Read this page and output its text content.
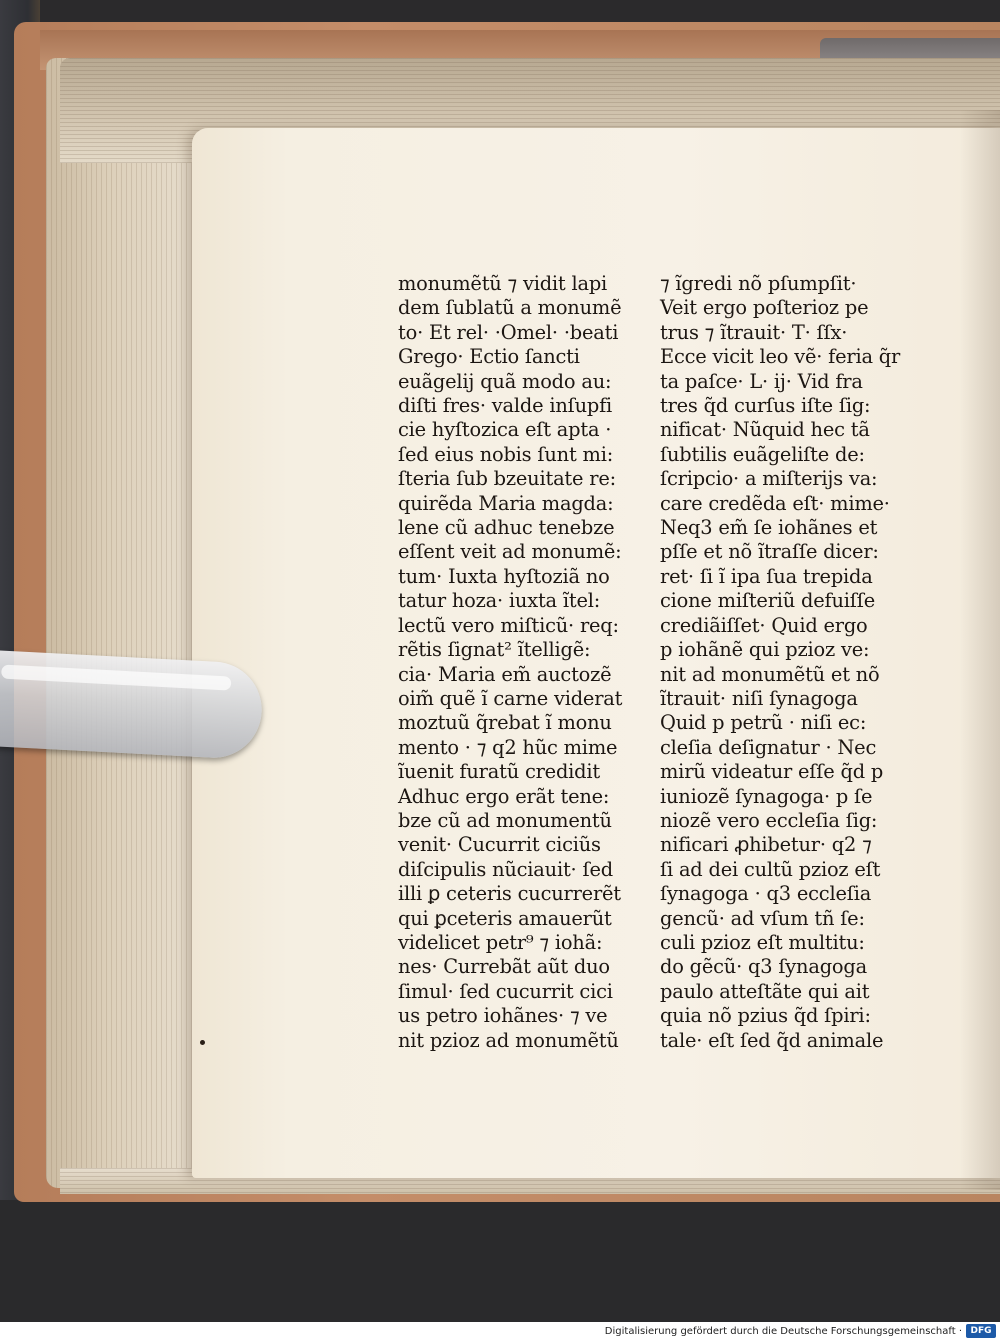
monumẽtũ ⁊ vidit lapi
dem ſublatũ a monumẽ
to· Et rel· ·Omel· ·beati
Grego· Ectio ſancti
euãgelij quã modo au:
diſti fres· valde inſupfi
cie hyſtozica eſt apta ·
ſed eius nobis ſunt mi:
ſteria ſub bzeuitate re:
quirẽda Maria magda:
lene cũ adhuc tenebze
eſſent veit ad monumẽ:
tum· Iuxta hyſtoziã no
tatur hoza· iuxta ĩtel:
lectũ vero miſticũ· req:
rẽtis ſignat² ĩtelligẽ:
cia· Maria em̃ auctozẽ
oim̃ quẽ ĩ carne viderat
moztuũ q̃rebat ĩ monu
mento · ⁊ q2 hũc mime
ĩuenit furatũ credidit
Adhuc ergo erãt tene:
bze cũ ad monumentũ
venit· Cucurrit ciciũs
diſcipulis nũciauit· ſed
illi ꝑ ceteris cucurrerẽt
qui ꝑceteris amauerũt
videlicet petr⁹ ⁊ iohã:
nes· Currebãt aũt duo
ſimul· ſed cucurrit cici
us petro iohãnes· ⁊ ve
nit pzioz ad monumẽtũ
⁊ ĩgredi nõ pſumpſit·
Veit ergo poſterioz pe
trus ⁊ ĩtrauit· T· ſſx·
Ecce vicit leo vẽ· feria q̃r
ta paſce· L· ij· Vid fra
tres q̃d curſus iſte ſig:
nificat· Nũquid hec tã
ſubtilis euãgeliſte de:
ſcripcio· a miſterijs va:
care credẽda eſt· mime·
Neq3 em̃ ſe iohãnes et
pſſe et nõ ĩtraſſe dicer:
ret· ſi ĩ ipa ſua trepida
cione miſteriũ defuiſſe
crediãiſſet· Quid ergo
p iohãnẽ qui pzioz ve:
nit ad monumẽtũ et nõ
ĩtrauit· niſi ſynagoga
Quid p petrũ · niſi ec:
cleſia deſignatur · Nec
mirũ videatur eſſe q̃d p
iuniozẽ ſynagoga· p ſe
niozẽ vero eccleſia ſig:
nificari ꝓhibetur· q2 ⁊
ſi ad dei cultũ pzioz eſt
ſynagoga · q3 eccleſia
gencũ· ad vſum tñ ſe:
culi pzioz eſt multitu:
do gẽcũ· q3 ſynagoga
paulo atteſtãte qui ait
quia nõ pzius q̃d ſpiri:
tale· eſt ſed q̃d animale
Digitalisierung gefördert durch die Deutsche Forschungsgemeinschaft · DFG
